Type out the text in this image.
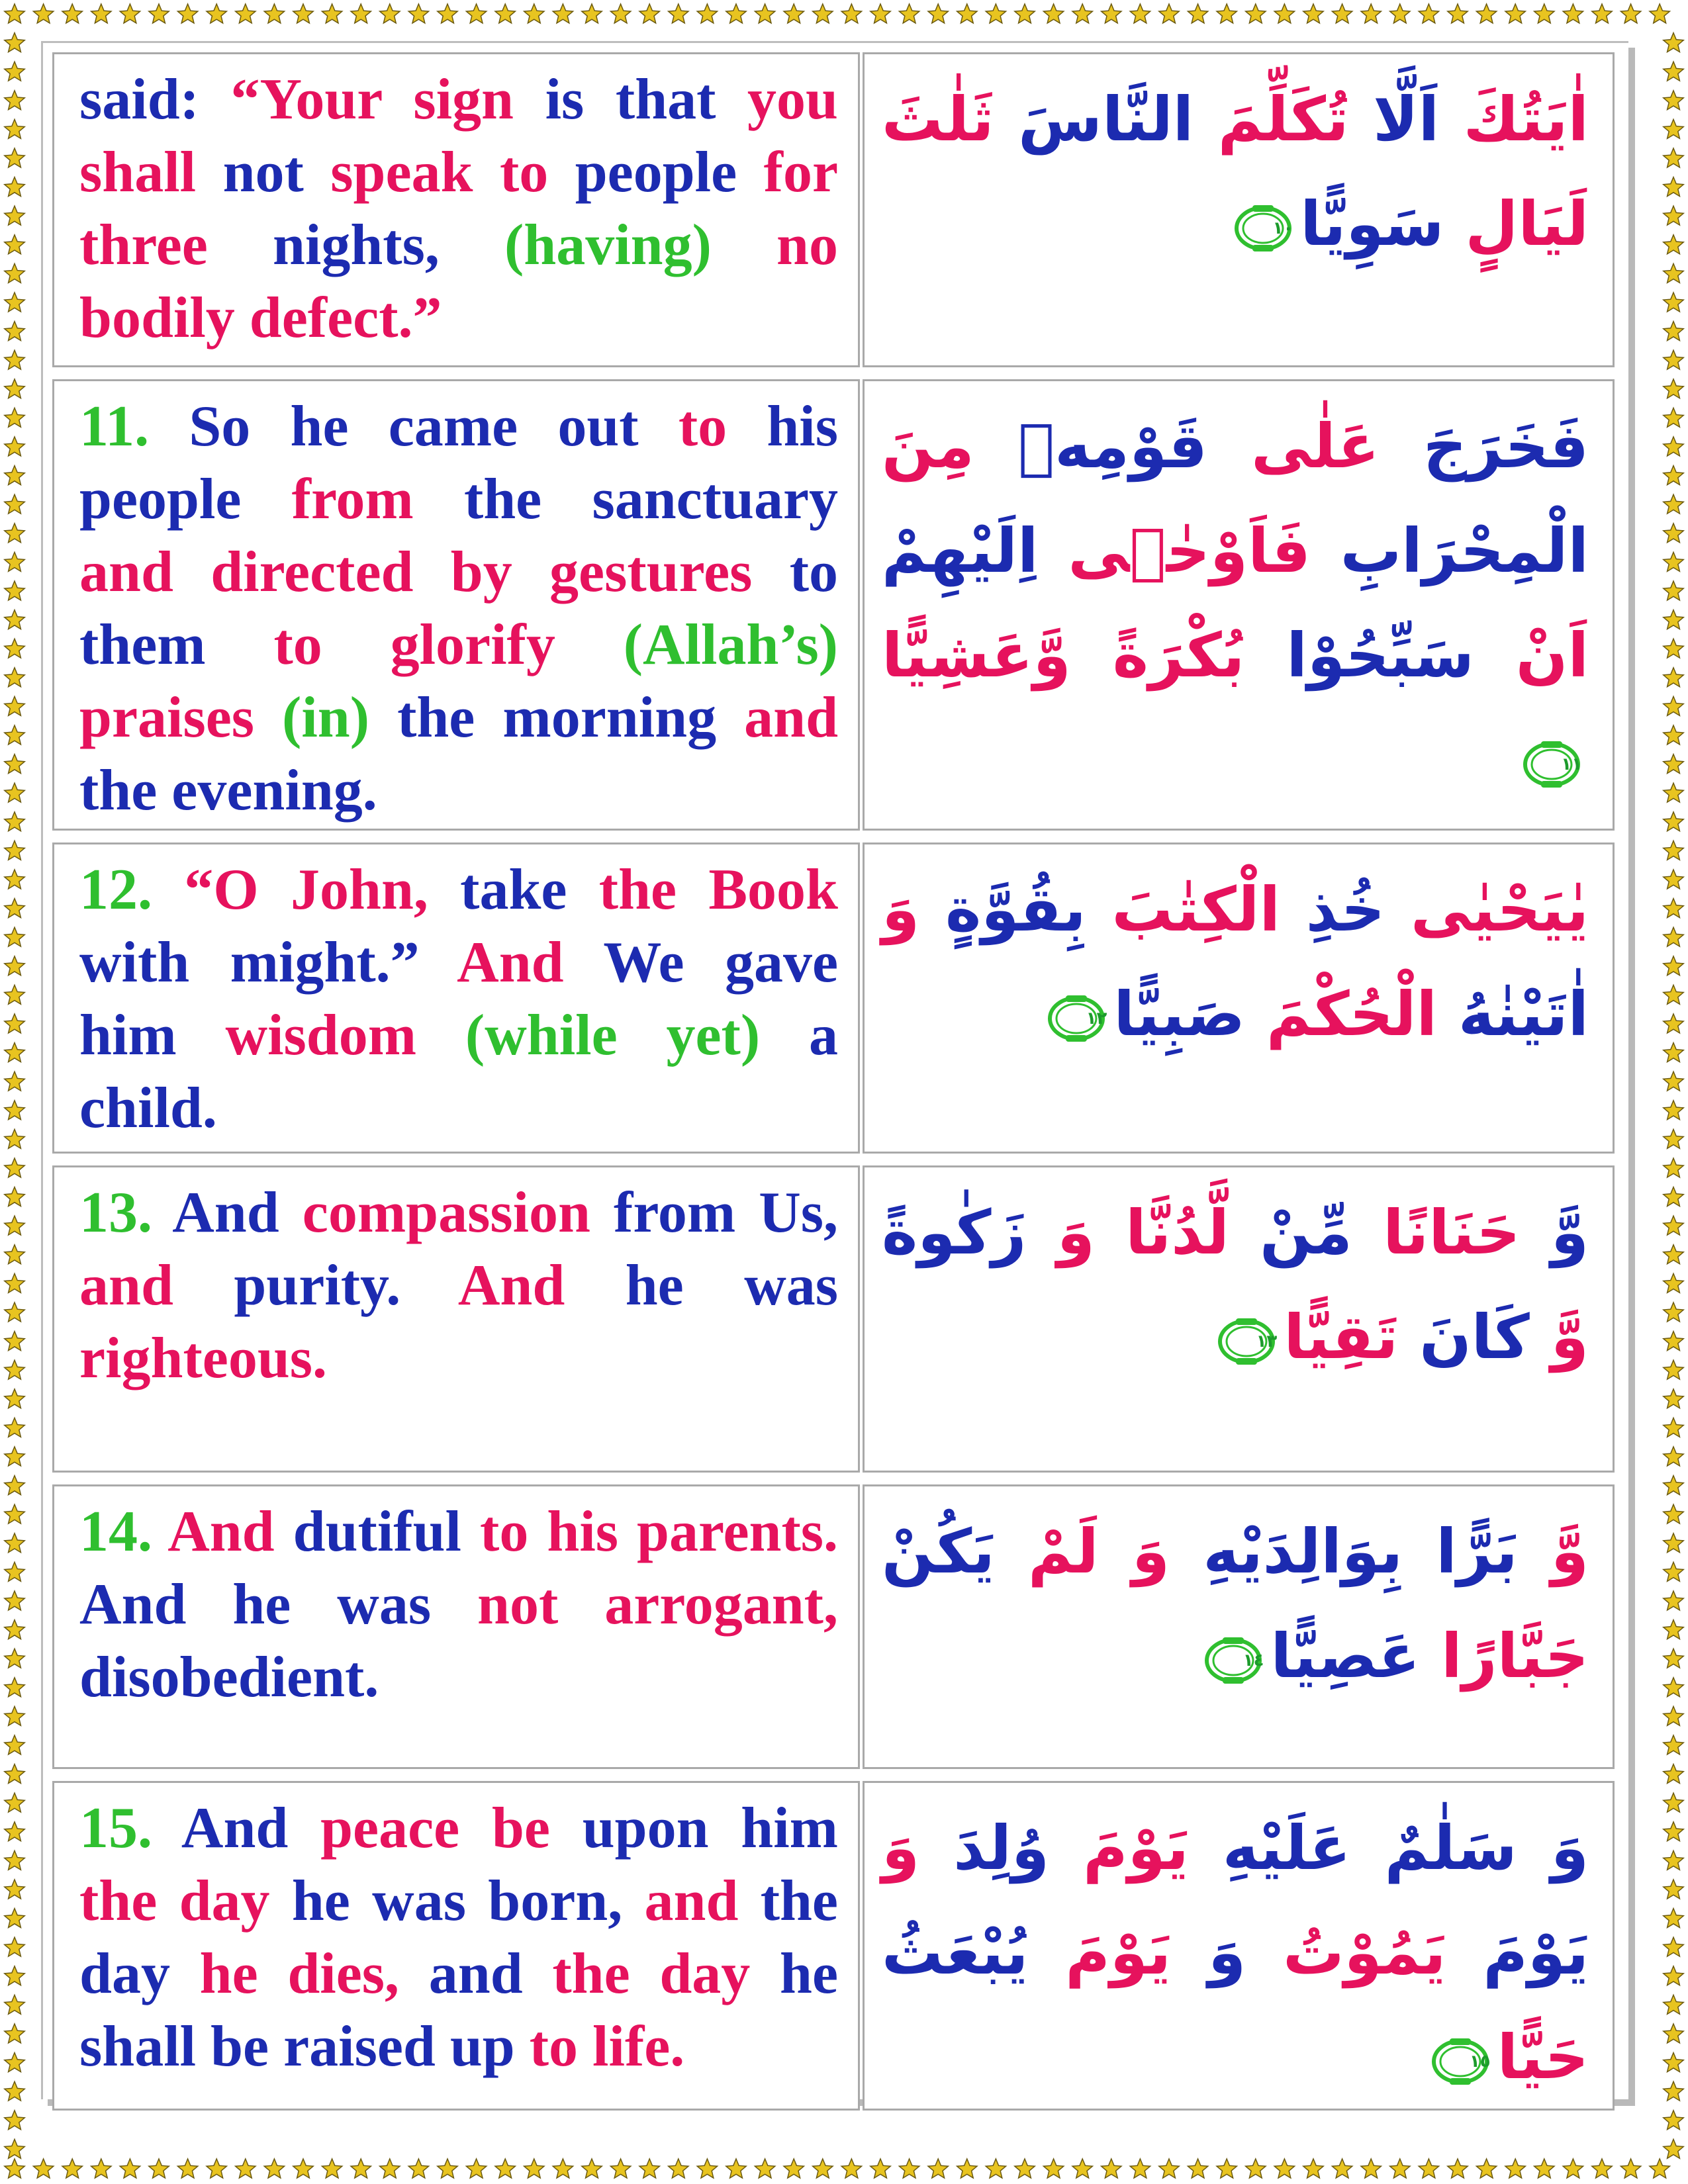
said: “Your sign is that you shall not speak to people for three nights, (having) no bodily defect.”
اٰيَتُكَ اَلَّا تُكَلِّمَ النَّاسَ ثَلٰثَ لَيَالٍ سَوِيًّا
١٠
11. So he came out to his people from the sanctuary and directed by gestures to them to glorify (Allah’s) praises (in) the morning and the evening.
فَخَرَجَ عَلٰى قَوْمِهٖ مِنَ الْمِحْرَابِ فَاَوْحٰۤى اِلَيْهِمْ اَنْ سَبِّحُوْا بُكْرَةً وَّعَشِيًّا
١١
12. “O John, take the Book with might.” And We gave him wisdom (while yet) a child.
يٰيَحْيٰى خُذِ الْكِتٰبَ بِقُوَّةٍ وَ اٰتَيْنٰهُ الْحُكْمَ صَبِيًّا
١٢
13. And compassion from Us, and purity. And he was righteous.
وَّ حَنَانًا مِّنْ لَّدُنَّا وَ زَكٰوةً وَّ كَانَ تَقِيًّا
١٣
14. And dutiful to his parents. And he was not arrogant, disobedient.
وَّ بَرًّا بِوَالِدَيْهِ وَ لَمْ يَكُنْ جَبَّارًا عَصِيًّا
١٤
15. And peace be upon him the day he was born, and the day he dies, and the day he shall be raised up to life.
وَ سَلٰمٌ عَلَيْهِ يَوْمَ وُلِدَ وَ يَوْمَ يَمُوْتُ وَ يَوْمَ يُبْعَثُ حَيًّا
١٥
